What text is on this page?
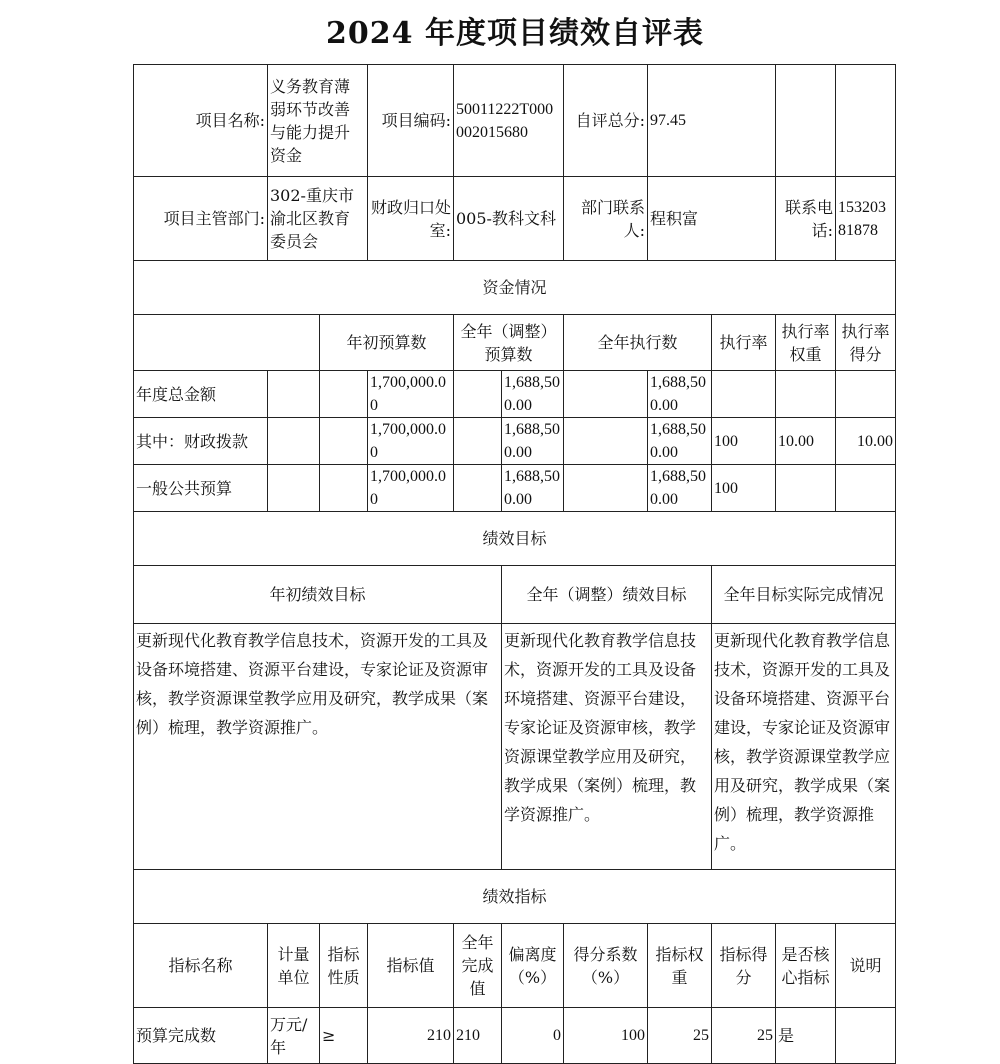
2024 年度项目绩效自评表
项目名称:	义务教育薄弱环节改善与能力提升资金		项目编码:	50011222T000002015680		自评总分:	97.45			
项目主管部门:	302-重庆市渝北区教育委员会		财政归口处室:	005-教科文科		部门联系人:	程积富		联系电话:	15320381878
资金情况										
		年初预算数		全年（调整）预算数		全年执行数		执行率	执行率权重	执行率得分
年度总金额			1,700,000.00		1,688,500.00		1,688,500.00			
其中：财政拨款			1,700,000.00		1,688,500.00		1,688,500.00	100	10.00	10.00
一般公共预算			1,700,000.00		1,688,500.00		1,688,500.00	100		
绩效目标										
年初绩效目标					全年（调整）绩效目标			全年目标实际完成情况		
更新现代化教育教学信息技术，资源开发的工具及设备环境搭建、资源平台建设，专家论证及资源审核，教学资源课堂教学应用及研究，教学成果（案例）梳理，教学资源推广。					更新现代化教育教学信息技术，资源开发的工具及设备环境搭建、资源平台建设，专家论证及资源审核，教学资源课堂教学应用及研究，教学成果（案例）梳理，教学资源推广。			更新现代化教育教学信息技术，资源开发的工具及设备环境搭建、资源平台建设，专家论证及资源审核，教学资源课堂教学应用及研究，教学成果（案例）梳理，教学资源推广。		
绩效指标										
指标名称	计量单位	指标性质	指标值	全年完成值	偏离度（%）	得分系数（%）	指标权重	指标得分	是否核心指标	说明
预算完成数	万元/年	≥	210	210	0	100	25	25	是	
